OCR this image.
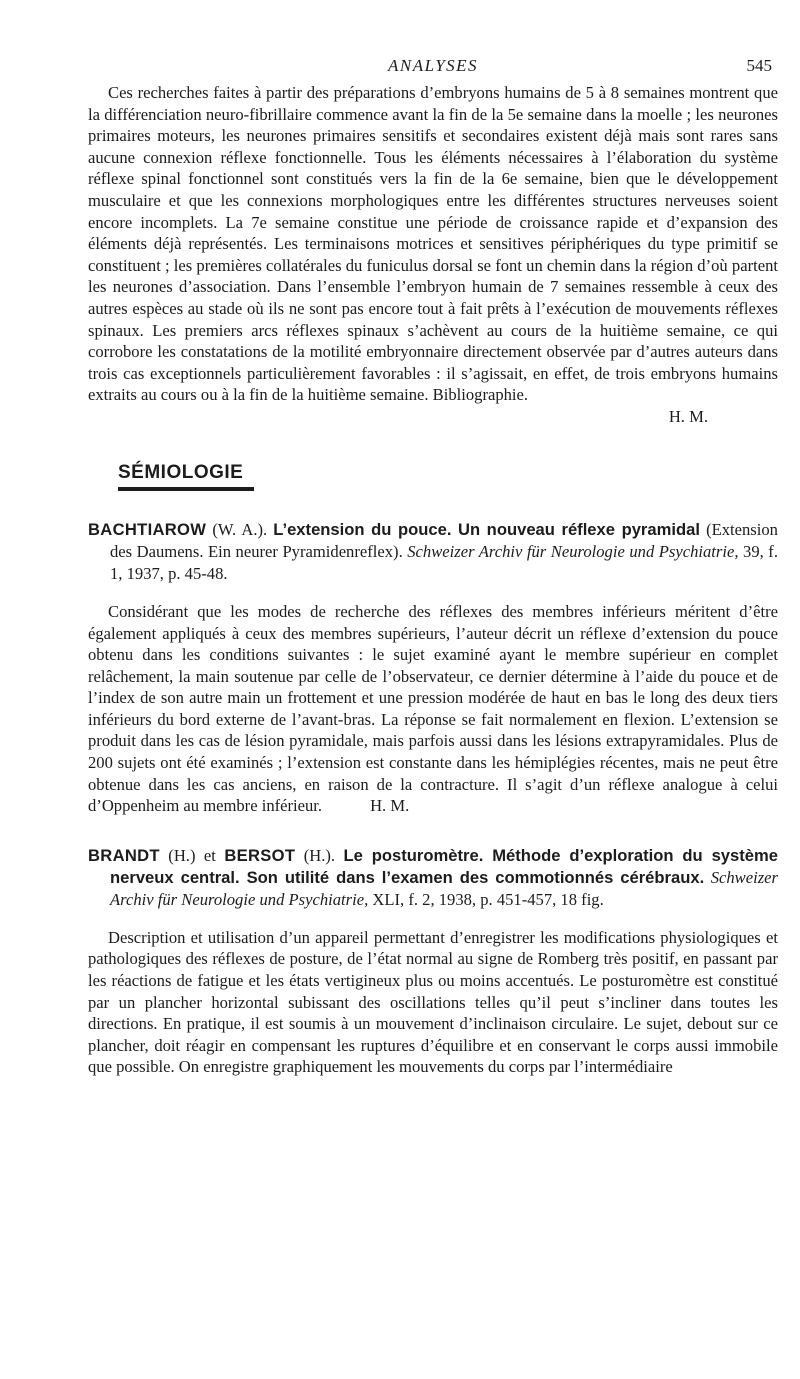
ANALYSES	545

Ces recherches faites à partir des préparations d’embryons humains de 5 à 8 semaines montrent que la différenciation neuro-fibrillaire commence avant la fin de la 5e semaine dans la moelle ; les neurones primaires moteurs, les neurones primaires sensitifs et secondaires existent déjà mais sont rares sans aucune connexion réflexe fonctionnelle. Tous les éléments nécessaires à l’élaboration du système réflexe spinal fonctionnel sont constitués vers la fin de la 6e semaine, bien que le développement musculaire et que les connexions morphologiques entre les différentes structures nerveuses soient encore incomplets. La 7e semaine constitue une période de croissance rapide et d’expansion des éléments déjà représentés. Les terminaisons motrices et sensitives périphériques du type primitif se constituent ; les premières collatérales du funiculus dorsal se font un chemin dans la région d’où partent les neurones d’association. Dans l’ensemble l’embryon humain de 7 semaines ressemble à ceux des autres espèces au stade où ils ne sont pas encore tout à fait prêts à l’exécution de mouvements réflexes spinaux. Les premiers arcs réflexes spinaux s’achèvent au cours de la huitième semaine, ce qui corrobore les constatations de la motilité embryonnaire directement observée par d’autres auteurs dans trois cas exceptionnels particulièrement favorables : il s’agissait, en effet, de trois embryons humains extraits au cours ou à la fin de la huitième semaine. Bibliographie.

H. M.
SÉMIOLOGIE

BACHTIAROW (W. A.). L’extension du pouce. Un nouveau réflexe pyramidal (Extension des Daumens. Ein neurer Pyramidenreflex). Schweizer Archiv für Neurologie und Psychiatrie, 39, f. 1, 1937, p. 45-48.

Considérant que les modes de recherche des réflexes des membres inférieurs méritent d’être également appliqués à ceux des membres supérieurs, l’auteur décrit un réflexe d’extension du pouce obtenu dans les conditions suivantes : le sujet examiné ayant le membre supérieur en complet relâchement, la main soutenue par celle de l’observateur, ce dernier détermine à l’aide du pouce et de l’index de son autre main un frottement et une pression modérée de haut en bas le long des deux tiers inférieurs du bord externe de l’avant-bras. La réponse se fait normalement en flexion. L’extension se produit dans les cas de lésion pyramidale, mais parfois aussi dans les lésions extrapyramidales. Plus de 200 sujets ont été examinés ; l’extension est constante dans les hémiplégies récentes, mais ne peut être obtenue dans les cas anciens, en raison de la contracture. Il s’agit d’un réflexe analogue à celui d’Oppenheim au membre inférieur.	H. M.

BRANDT (H.) et BERSOT (H.). Le posturomètre. Méthode d’exploration du système nerveux central. Son utilité dans l’examen des commotionnés cérébraux. Schweizer Archiv für Neurologie und Psychiatrie, XLI, f. 2, 1938, p. 451-457, 18 fig.

Description et utilisation d’un appareil permettant d’enregistrer les modifications physiologiques et pathologiques des réflexes de posture, de l’état normal au signe de Romberg très positif, en passant par les réactions de fatigue et les états vertigineux plus ou moins accentués. Le posturomètre est constitué par un plancher horizontal subissant des oscillations telles qu’il peut s’incliner dans toutes les directions. En pratique, il est soumis à un mouvement d’inclinaison circulaire. Le sujet, debout sur ce plancher, doit réagir en compensant les ruptures d’équilibre et en conservant le corps aussi immobile que possible. On enregistre graphiquement les mouvements du corps par l’intermédiaire
